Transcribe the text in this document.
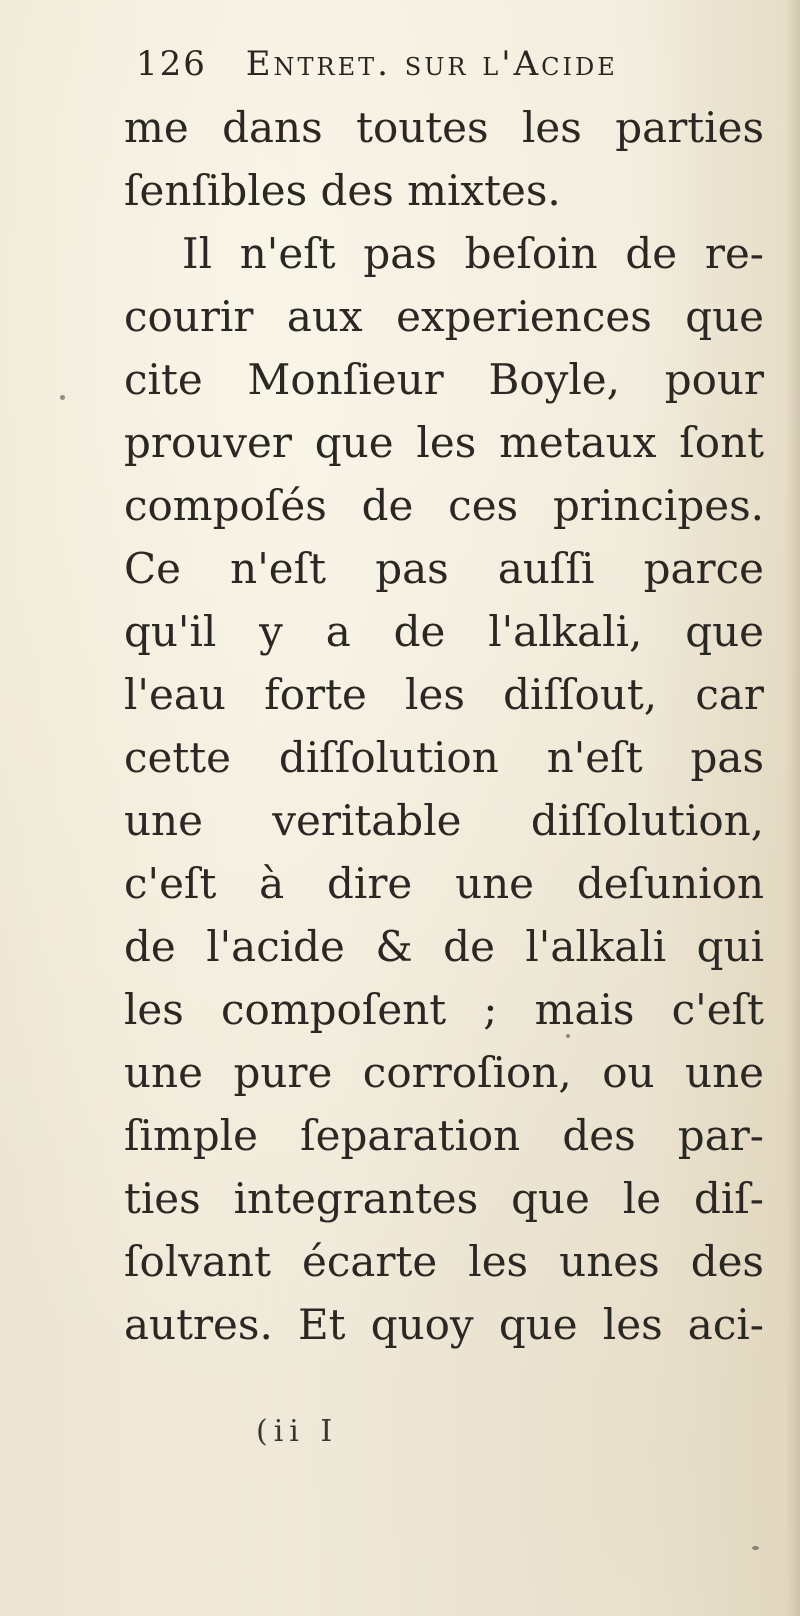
126 Entret. sur l'Acide
me dans toutes les parties
ſenſibles des mixtes.
Il n'eſt pas beſoin de re-
courir aux experiences que
cite Monſieur Boyle, pour
prouver que les metaux ſont
compoſés de ces principes.
Ce n'eſt pas auſſi parce
qu'il y a de l'alkali, que
l'eau forte les diſſout, car
cette diſſolution n'eſt pas
une veritable diſſolution,
c'eſt à dire une deſunion
de l'acide & de l'alkali qui
les compoſent ; mais c'eſt
une pure corroſion, ou une
ſimple ſeparation des par-
ties integrantes que le diſ-
ſolvant écarte les unes des
autres. Et quoy que les aci-
(ii I
